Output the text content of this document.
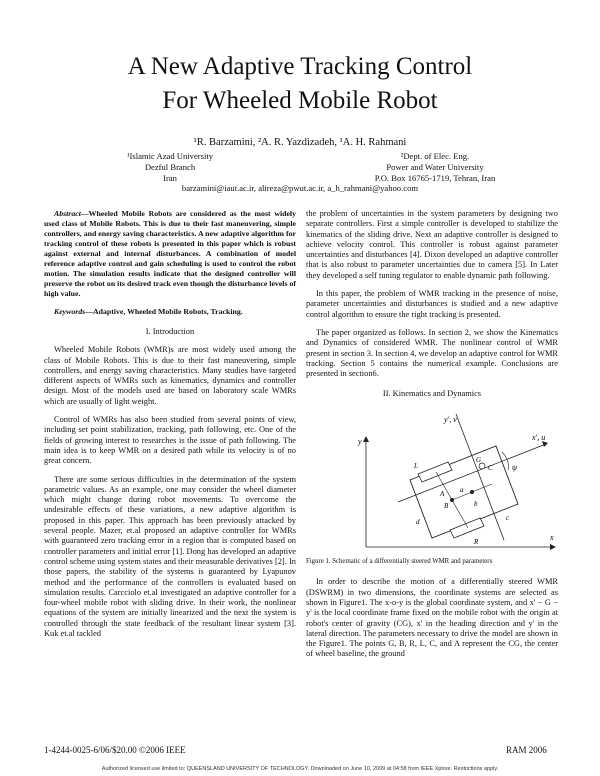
A New Adaptive Tracking Control
For Wheeled Mobile Robot
¹R. Barzamini, ²A. R. Yazdizadeh, ¹A. H. Rahmani
¹Islamic Azad University
Dezful Branch
Iran
²Dept. of Elec. Eng.
Power and Water University
P.O. Box 16765-1719, Tehran, Iran
barzamini@iaut.ac.ir, alireza@pwut.ac.ir, a_h_rahmani@yahoo.com

Abstract—Wheeled Mobile Robots are considered as the most widely used class of Mobile Robots. This is due to their fast maneuvering, simple controllers, and energy saving characteristics. A new adaptive algorithm for tracking control of these robots is presented in this paper which is robust against external and internal disturbances. A combination of model reference adaptive control and gain scheduling is used to control the robot motion. The simulation results indicate that the designed controller will preserve the robot on its desired track even though the disturbance levels of high value.

Keywords—Adaptive, Wheeled Mobile Robots, Tracking.

I. Introduction

Wheeled Mobile Robots (WMR)s are most widely used among the class of Mobile Robots. This is due to their fast maneuvering, simple controllers, and energy saving characteristics. Many studies have targeted different aspects of WMRs such as kinematics, dynamics and controller design. Most of the models used are based on laboratory scale WMRs which are usually of light weight.

Control of WMRs has also been studied from several points of view, including set point stabilization, tracking, path following, etc. One of the fields of growing interest to researches is the issue of path following. The main idea is to keep WMR on a desired path while its velocity is of no great concern.

There are some serious difficulties in the determination of the system parametric values. As an example, one may consider the wheel diameter which might change during robot movements. To overcome the undesirable effects of these variations, a new adaptive algorithm is proposed in this paper. This approach has been previously attacked by several people. Mazer, et.al proposed an adaptive controller for WMRs with guaranteed zero tracking error in a region that is computed based on controller parameters and initial error [1]. Dong has developed an adaptive control scheme using system states and their measurable derivatives [2]. In those papers, the stability of the systems is guaranteed by Lyapunov method and the performance of the controllers is evaluated based on simulation results. Carcciolo et.al investigated an adaptive controller for a four-wheel mobile robot with sliding drive. In their work, the nonlinear equations of the system are initially linearized and the next the system is controlled through the state feedback of the resultant linear system [3]. Kuk et.al tackled

the problem of uncertainties in the system parameters by designing two separate controllers. First a simple controller is developed to stabilize the kinematics of the sliding drive. Next an adaptive controller is designed to achieve velocity control. This controller is robust against parameter uncertainties and disturbances [4]. Dixon developed an adaptive controller that is also robust to parameter uncertainties due to camera [5]. In Later they developed a self tuning regulator to enable dynamic path following.

In this paper, the problem of WMR tracking in the presence of noise, parameter uncertainties and disturbances is studied and a new adaptive control algorithm to ensure the right tracking is presented.

The paper organized as follows. In section 2, we show the Kinematics and Dynamics of considered WMR. The nonlinear control of WMR present in section 3. In section 4, we develop an adaptive control for WMR tracking. Section 5 contains the numerical example. Conclusions are presented in section6.

II. Kinematics and Dynamics

y
x
y', v
x', u
L
R
G
C
B
A a
b
c
d
ψ

Figure 1. Schematic of a differentially steered WMR and parameters

In order to describe the motion of a differentially steered WMR (DSWRM) in two dimensions, the coordinate systems are selected as shown in Figure1. The x-o-y is the global coordinate system, and x' − G − y' is the local coordinate frame fixed on the mobile robot with the origin at robot's center of gravity (CG), x' in the heading direction and y' in the lateral direction. The parameters necessary to drive the model are shown in the Figure1. The points G, B, R, L, C, and A represent the CG, the center of wheel baseline, the ground

1-4244-0025-6/06/$20.00 ©2006 IEEE	RAM 2006
Authorized licensed use limited to: QUEENSLAND UNIVERSITY OF TECHNOLOGY. Downloaded on June 10, 2009 at 04:58 from IEEE Xplore. Restrictions apply.
